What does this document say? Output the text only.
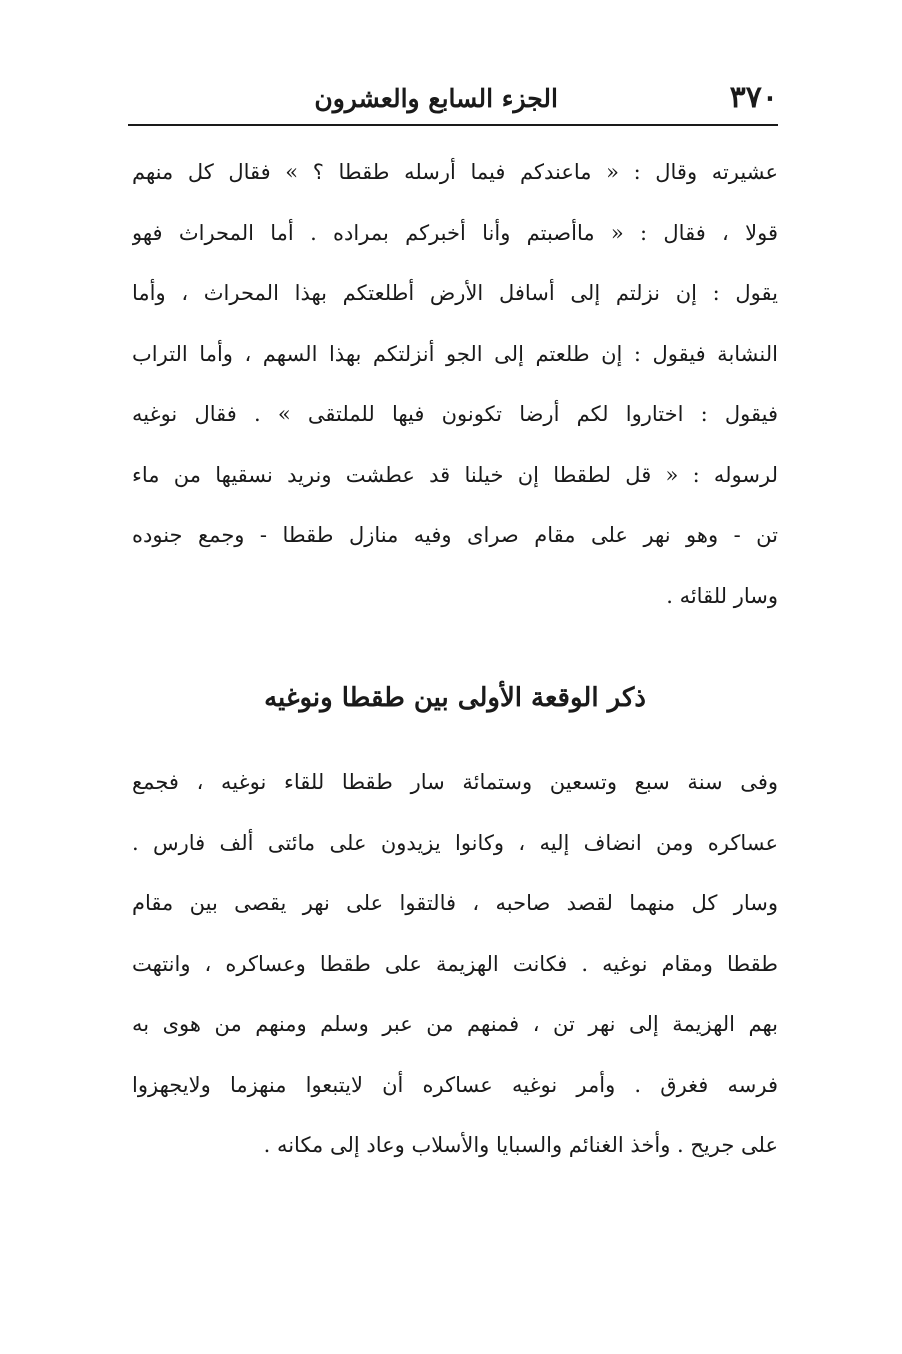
٣٧٠
الجزء السابع والعشرون
عشيرته وقال : « ماعندكم فيما أرسله طقطا ؟ » فقال كل منهم
قولا ، فقال : « ماأصبتم وأنا أخبركم بمراده . أما المحراث فهو
يقول : إن نزلتم إلى أسافل الأرض أطلعتكم بهذا المحراث ، وأما
النشابة فيقول : إن طلعتم إلى الجو أنزلتكم بهذا السهم ، وأما التراب
فيقول : اختاروا لكم أرضا تكونون فيها للملتقى » . فقال نوغيه
لرسوله : « قل لطقطا إن خيلنا قد عطشت ونريد نسقيها من ماء
تن - وهو نهر على مقام صراى وفيه منازل طقطا - وجمع جنوده
وسار للقائه .
ذكر الوقعة الأولى بين طقطا ونوغيه
وفى سنة سبع وتسعين وستمائة سار طقطا للقاء نوغيه ، فجمع
عساكره ومن انضاف إليه ، وكانوا يزيدون على مائتى ألف فارس .
وسار كل منهما لقصد صاحبه ، فالتقوا على نهر يقصى بين مقام
طقطا ومقام نوغيه . فكانت الهزيمة على طقطا وعساكره ، وانتهت
بهم الهزيمة إلى نهر تن ، فمنهم من عبر وسلم ومنهم من هوى به
فرسه فغرق . وأمر نوغيه عساكره أن لايتبعوا منهزما ولايجهزوا
على جريح . وأخذ الغنائم والسبايا والأسلاب وعاد إلى مكانه .
